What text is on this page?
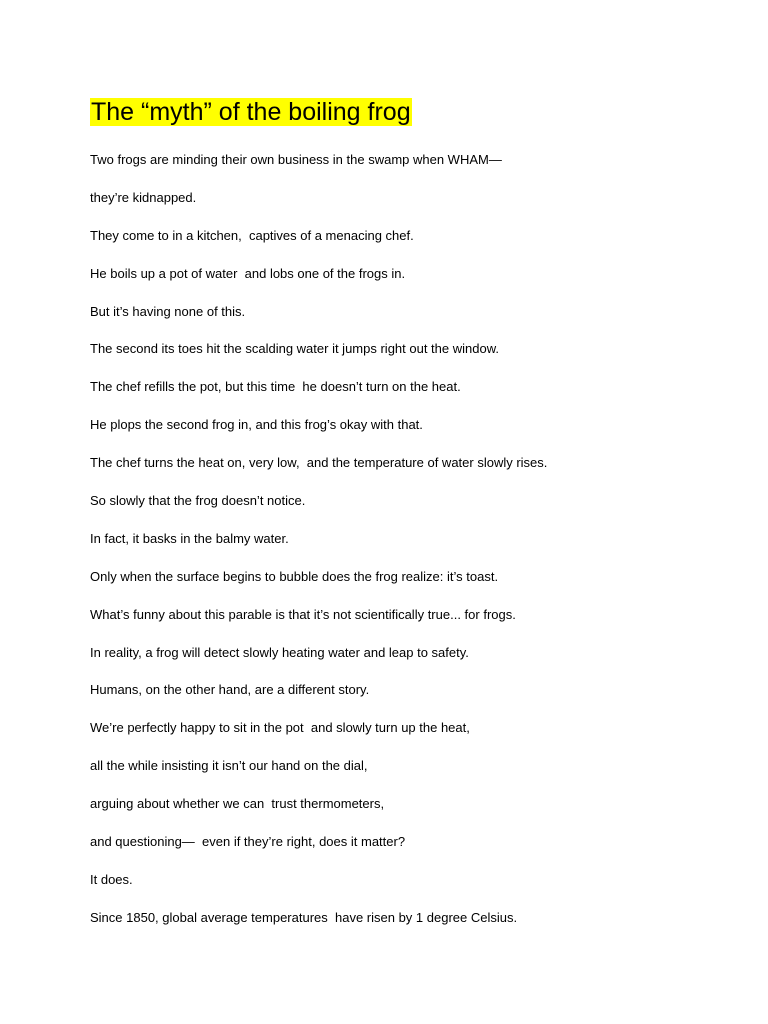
The “myth” of the boiling frog
Two frogs are minding their own business in the swamp when WHAM—
they’re kidnapped.
They come to in a kitchen,  captives of a menacing chef.
He boils up a pot of water  and lobs one of the frogs in.
But it’s having none of this.
The second its toes hit the scalding water it jumps right out the window.
The chef refills the pot, but this time  he doesn’t turn on the heat.
He plops the second frog in, and this frog’s okay with that.
The chef turns the heat on, very low,  and the temperature of water slowly rises.
So slowly that the frog doesn’t notice.
In fact, it basks in the balmy water.
Only when the surface begins to bubble does the frog realize: it’s toast.
What’s funny about this parable is that it’s not scientifically true... for frogs.
In reality, a frog will detect slowly heating water and leap to safety.
Humans, on the other hand, are a different story.
We’re perfectly happy to sit in the pot  and slowly turn up the heat,
all the while insisting it isn’t our hand on the dial,
arguing about whether we can  trust thermometers,
and questioning—  even if they’re right, does it matter?
It does.
Since 1850, global average temperatures  have risen by 1 degree Celsius.
